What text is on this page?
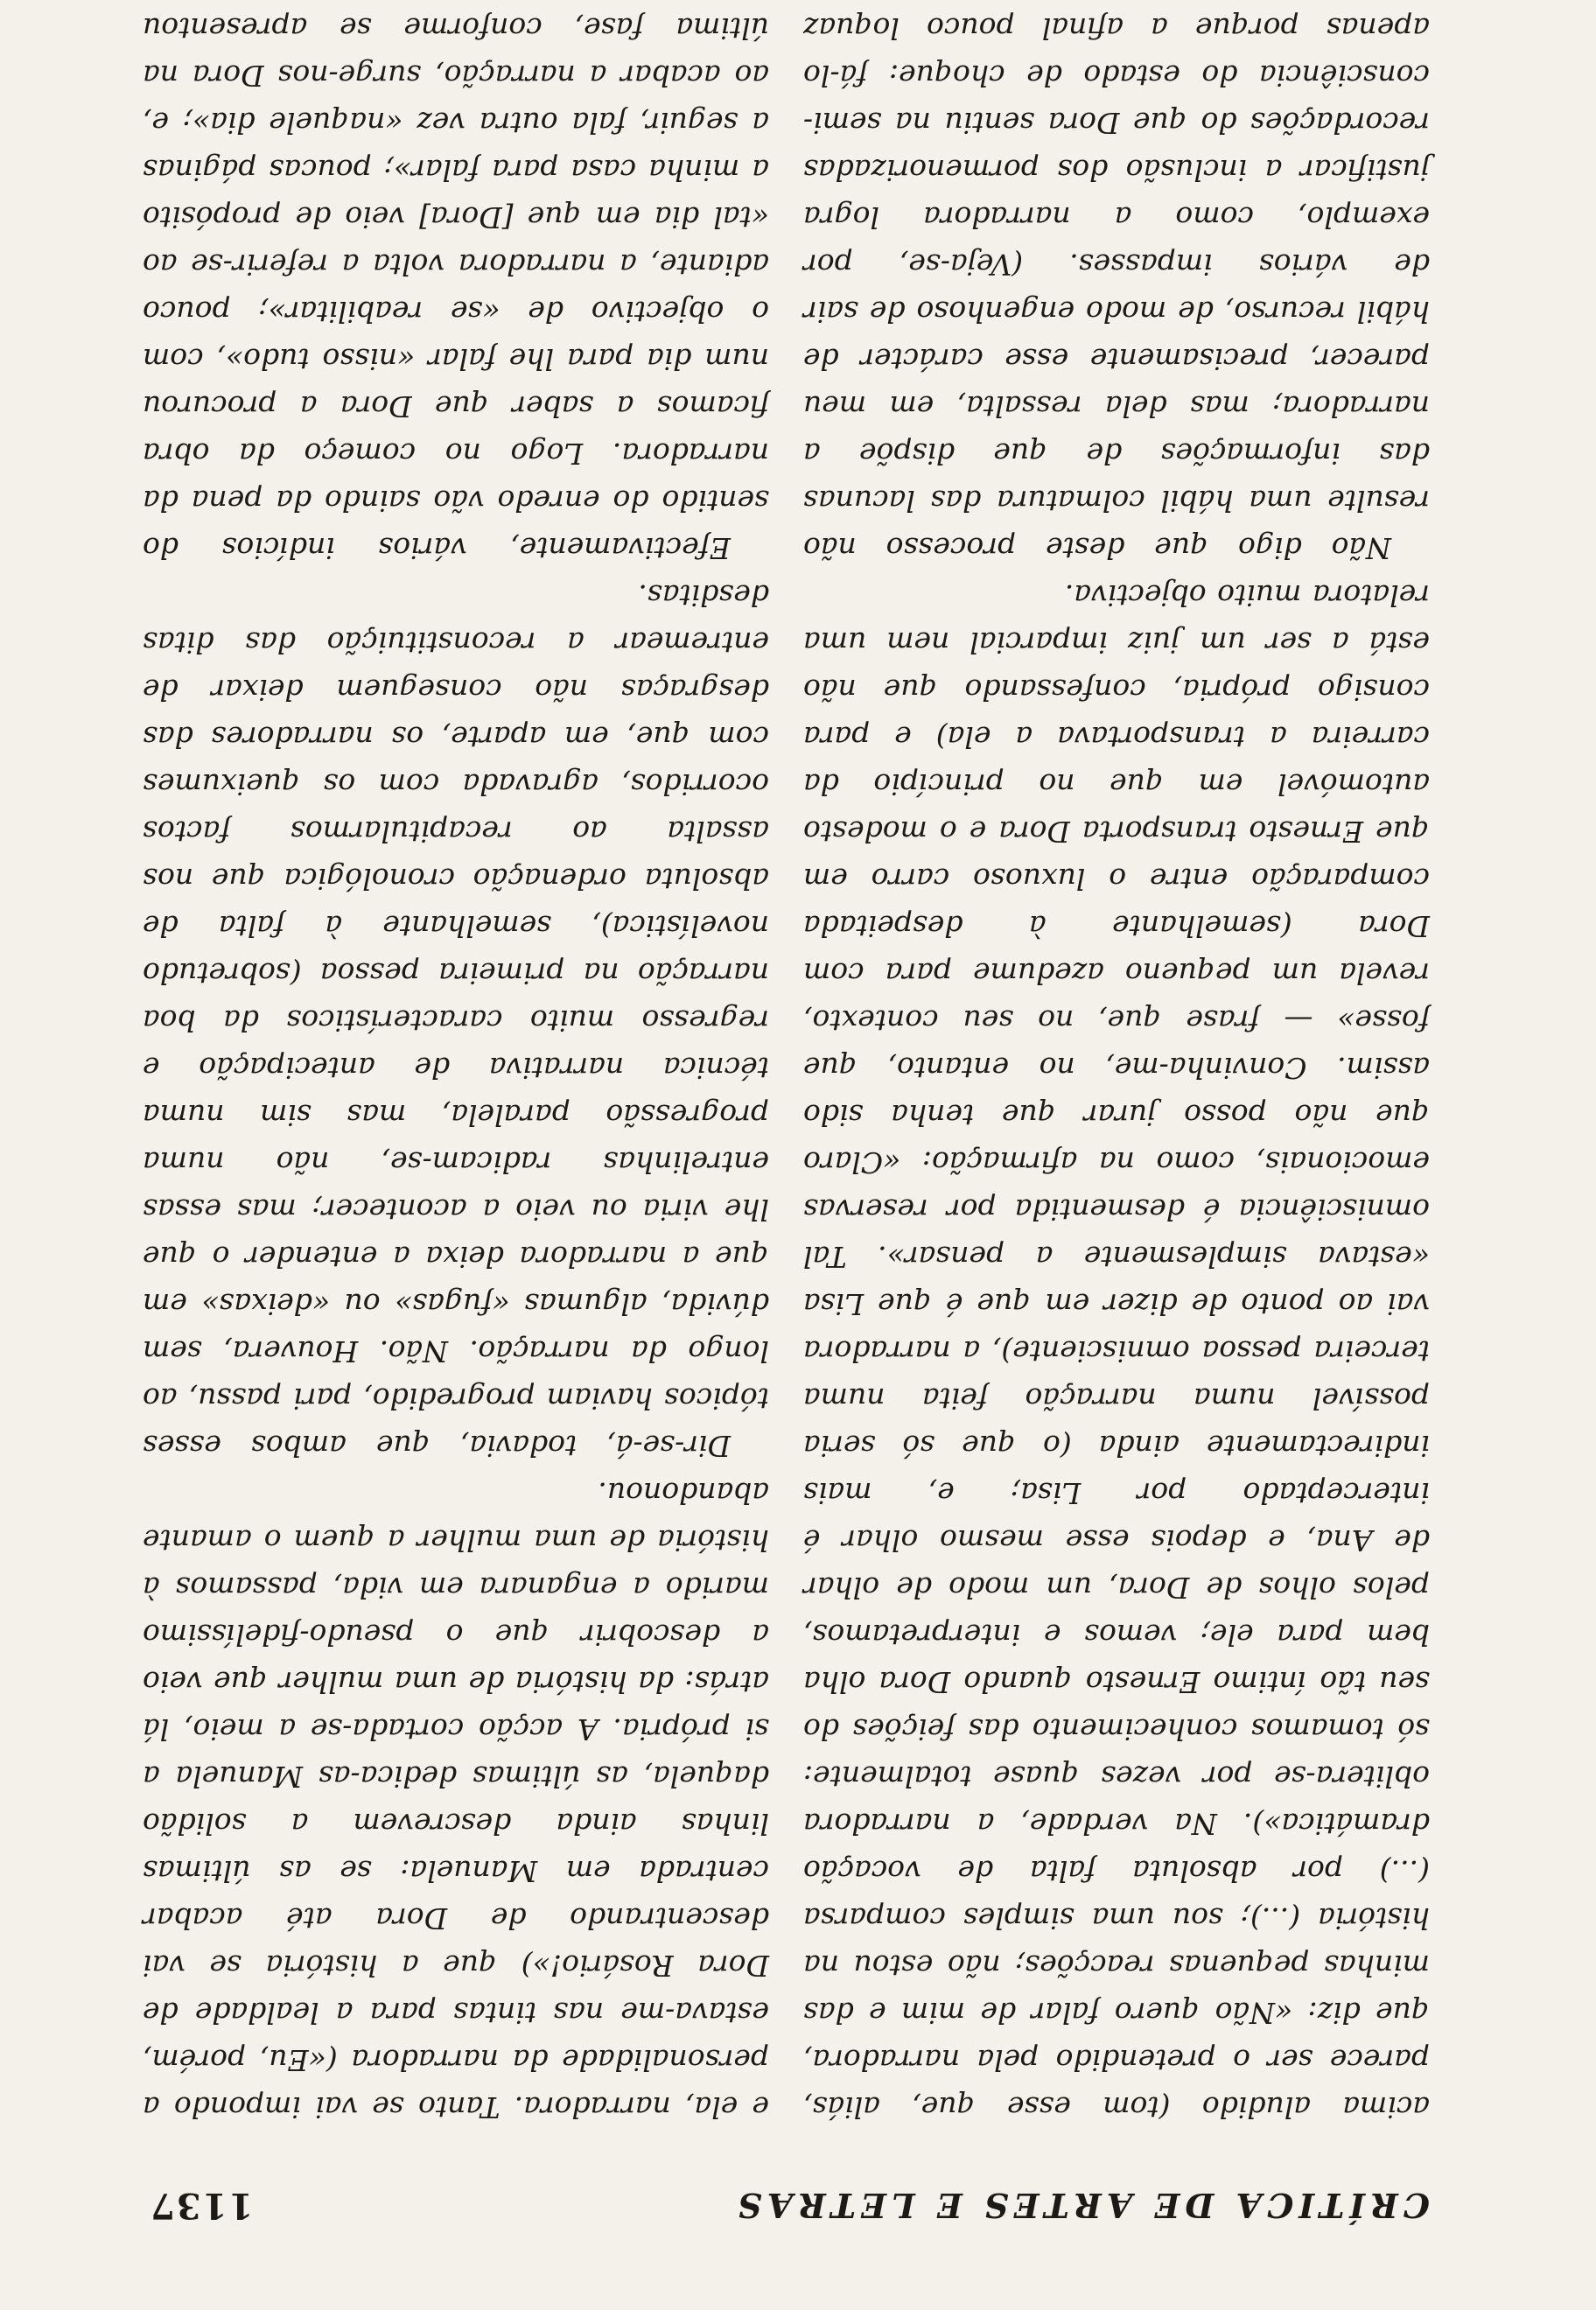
CRÍTICA DE ARTES E LETRAS
1137

acima aludido (tom esse que, aliás, parece ser o pretendido pela narradora, que diz: «Não quero falar de mim e das minhas pequenas reacções; não estou na história (...); sou uma simples comparsa (...) por absoluta falta de vocação dramática»). Na verdade, a narradora oblitera-se por vezes quase totalmente: só tomamos conhecimento das feições do seu tão íntimo Ernesto quando Dora olha bem para ele; vemos e interpretamos, pelos olhos de Dora, um modo de olhar de Ana, e depois esse mesmo olhar é interceptado por Lisa; e, mais indirectamente ainda (o que só seria possível numa narração feita numa terceira pessoa omnisciente), a narradora vai ao ponto de dizer em que é que Lisa «estava simplesmente a pensar». Tal omnisciência é desmentida por reservas emocionais, como na afirmação: «Claro que não posso jurar que tenha sido assim. Convinha-me, no entanto, que fosse» — frase que, no seu contexto, revela um pequeno azedume para com Dora (semelhante à despeitada comparação entre o luxuoso carro em que Ernesto transporta Dora e o modesto automóvel em que no princípio da carreira a transportava a ela) e para consigo própria, confessando que não está a ser um juiz imparcial nem uma relatora muito objectiva.

Não digo que deste processo não resulte uma hábil colmatura das lacunas das informações de que dispõe a narradora; mas dela ressalta, em meu parecer, precisamente esse carácter de hábil recurso, de modo engenhoso de sair de vários impasses. (Veja-se, por exemplo, como a narradora logra justificar a inclusão dos pormenorizadas recordações do que Dora sentiu na semi-consciência do estado de choque: fá-lo apenas porque a afinal pouco loquaz

e ela, narradora. Tanto se vai impondo a personalidade da narradora («Eu, porém, estava-me nas tintas para a lealdade de Dora Rosário!») que a história se vai descentrando de Dora até acabar centrada em Manuela: se as últimas linhas ainda descrevem a solidão daquela, as últimas dedica-as Manuela a si própria. A acção cortada-se a meio, lá atrás: da história de uma mulher que veio a descobrir que o pseudo-fidelíssimo marido a enganara em vida, passamos à história de uma mulher a quem o amante abandonou.

Dir-se-á, todavia, que ambos esses tópicos haviam progredido, pari passu, ao longo da narração. Não. Houvera, sem dúvida, algumas «fugas» ou «deixas» em que a narradora deixa a entender o que lhe viria ou veio a acontecer; mas essas entrelinhas radicam-se, não numa progressão paralela, mas sim numa técnica narrativa de antecipação e regresso muito característicos da boa narração na primeira pessoa (sobretudo novelística), semelhante à falta de absoluta ordenação cronológica que nos assalta ao recapitularmos factos ocorridos, agravada com os queixumes com que, em aparte, os narradores das desgraças não conseguem deixar de entremear a reconstituição das ditas desditas.

Efectivamente, vários indícios do sentido do enredo vão saindo da pena da narradora. Logo no começo da obra ficamos a saber que Dora a procurou num dia para lhe falar «nisso tudo», com o objectivo de «se reabilitar»; pouco adiante, a narradora volta a referir-se ao «tal dia em que [Dora] veio de propósito a minha casa para falar»; poucas páginas a seguir, fala outra vez «naquele dia»; e, ao acabar a narração, surge-nos Dora na última fase, conforme se apresentou
